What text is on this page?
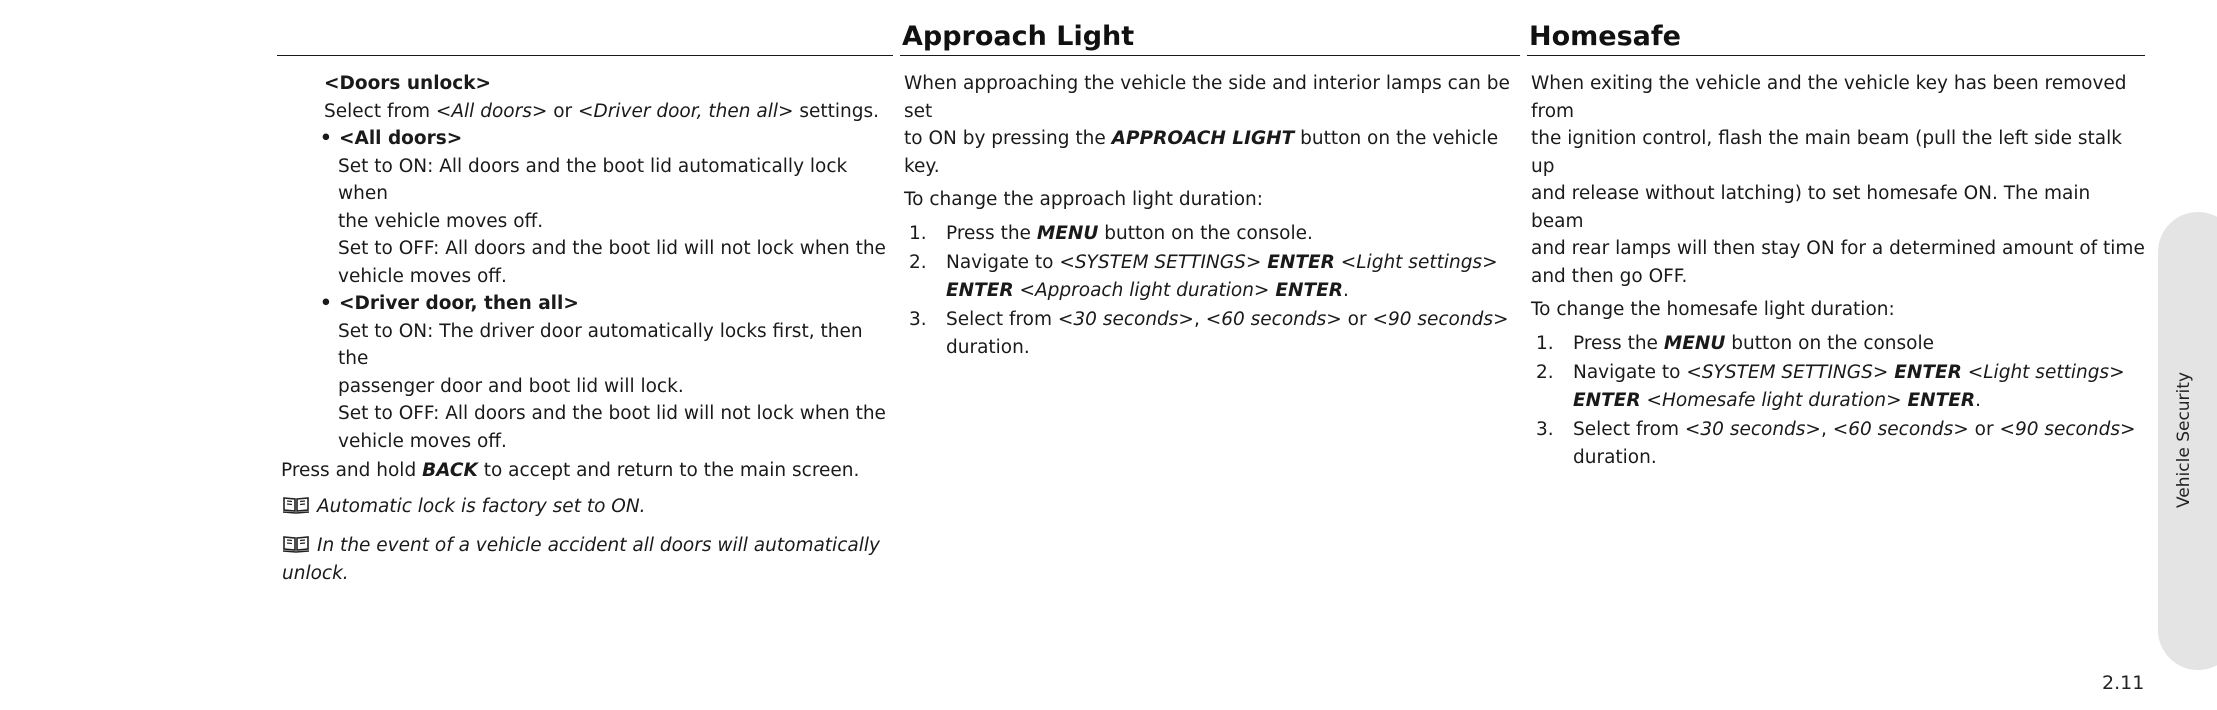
<Doors unlock>
Select from <All doors> or <Driver door, then all> settings.
• <All doors>
Set to ON: All doors and the boot lid automatically lock when
the vehicle moves off.
Set to OFF: All doors and the boot lid will not lock when the
vehicle moves off.
• <Driver door, then all>
Set to ON: The driver door automatically locks first, then the
passenger door and boot lid will lock.
Set to OFF: All doors and the boot lid will not lock when the
vehicle moves off.
Press and hold BACK to accept and return to the main screen.
Automatic lock is factory set to ON.
In the event of a vehicle accident all doors will automatically
unlock.
Approach Light
When approaching the vehicle the side and interior lamps can be set
to ON by pressing the APPROACH LIGHT button on the vehicle key.
To change the approach light duration:
1. Press the MENU button on the console.
2. Navigate to <SYSTEM SETTINGS> ENTER <Light settings>
ENTER <Approach light duration> ENTER.
3. Select from <30 seconds>, <60 seconds> or <90 seconds>
duration.
Homesafe
When exiting the vehicle and the vehicle key has been removed from
the ignition control, flash the main beam (pull the left side stalk up
and release without latching) to set homesafe ON. The main beam
and rear lamps will then stay ON for a determined amount of time
and then go OFF.
To change the homesafe light duration:
1. Press the MENU button on the console
2. Navigate to <SYSTEM SETTINGS> ENTER <Light settings>
ENTER <Homesafe light duration> ENTER.
3. Select from <30 seconds>, <60 seconds> or <90 seconds>
duration.	Vehicle Security
2.11
